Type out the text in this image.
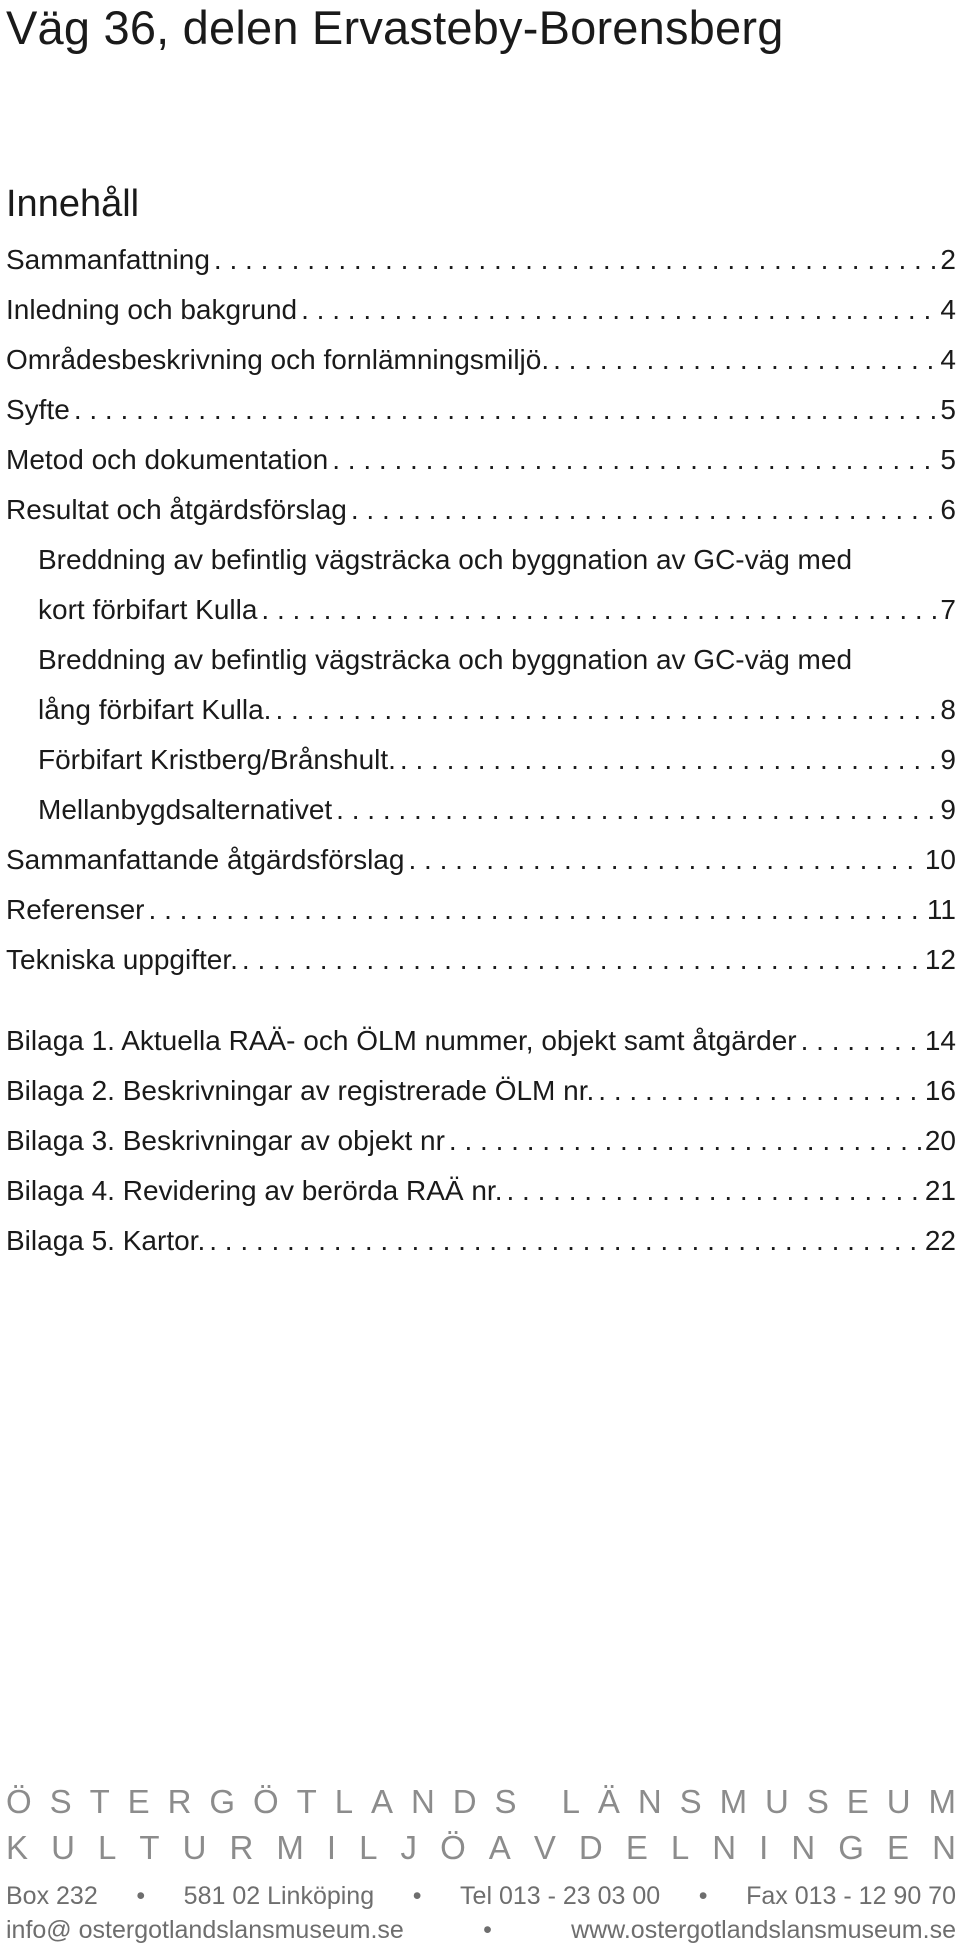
Väg 36, delen Ervasteby-Borensberg
Innehåll
Sammanfattning . . .	2
Inledning och bakgrund . . .	4
Områdesbeskrivning och fornlämningsmiljö. . . .	4
Syfte . . .	5
Metod och dokumentation . . .	5
Resultat och åtgärdsförslag . . .	6
Breddning av befintlig vägsträcka och byggnation av GC-väg med
kort förbifart Kulla . . .	7
Breddning av befintlig vägsträcka och byggnation av GC-väg med
lång förbifart Kulla. . . .	8
Förbifart Kristberg/Brånshult. . . .	9
Mellanbygdsalternativet . . .	9
Sammanfattande åtgärdsförslag . . .	10
Referenser . . .	11
Tekniska uppgifter. . . .	12
Bilaga 1. Aktuella RAÄ- och ÖLM nummer, objekt samt åtgärder . . .	14
Bilaga 2. Beskrivningar av registrerade ÖLM nr. . . .	16
Bilaga 3. Beskrivningar av objekt nr . . .	20
Bilaga 4. Revidering av berörda RAÄ nr. . . .	21
Bilaga 5. Kartor. . . .	22
Ö S T E R G Ö T L A N D S
L Ä N S M U S E U M
K U L T U R M I L J Ö A V D E L N I N G E N
Box 232 • 581 02 Linköping • Tel 013 - 23 03 00 • Fax 013 - 12 90 70
info@ ostergotlandslansmuseum.se	•	www.ostergotlandslansmuseum.se
